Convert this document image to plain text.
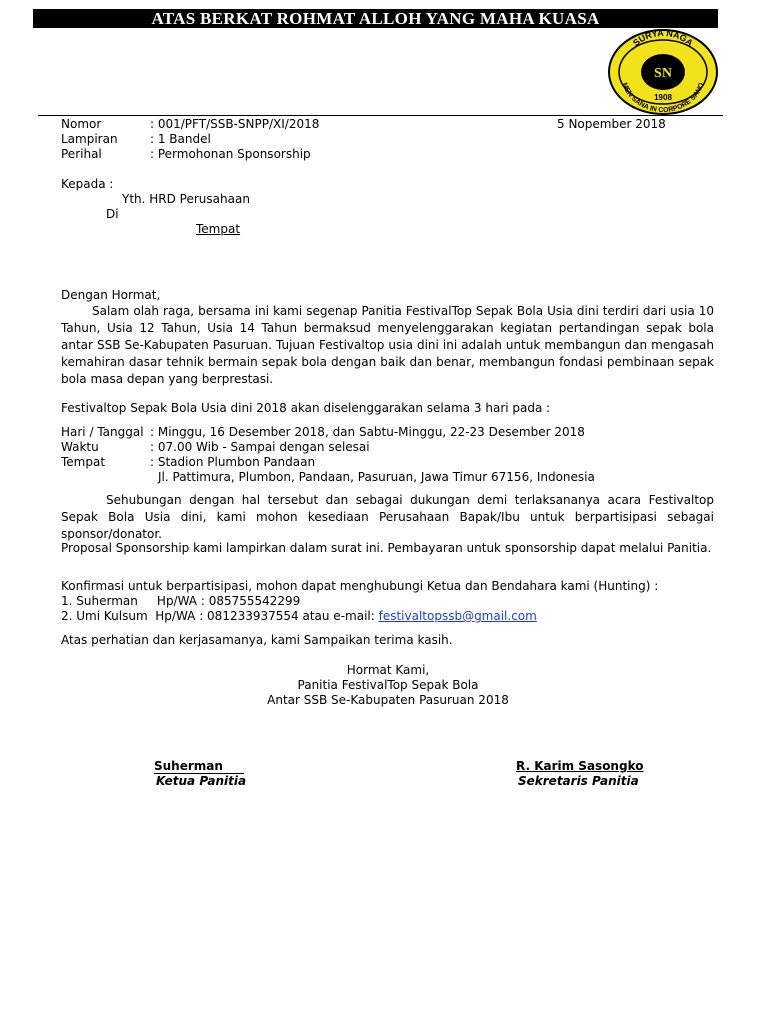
ATAS BERKAT ROHMAT ALLOH YANG MAHA KUASA
SURYA NAGA
MEN SANA IN CORPORE SANO
SN
1908
Nomor	: 001/PFT/SSB-SNPP/XI/2018	5 Nopember 2018
Lampiran	: 1 Bandel
Perihal	: Permohonan Sponsorship
Kepada :
Yth. HRD Perusahaan
Di
Tempat
Dengan Hormat,
Salam olah raga, bersama ini kami segenap Panitia FestivalTop Sepak Bola Usia dini terdiri dari usia 10 Tahun, Usia 12 Tahun, Usia 14 Tahun bermaksud menyelenggarakan kegiatan pertandingan sepak bola antar SSB Se-Kabupaten Pasuruan. Tujuan Festivaltop usia dini ini adalah untuk membangun dan mengasah kemahiran dasar tehnik bermain sepak bola dengan baik dan benar, membangun fondasi pembinaan sepak bola masa depan yang berprestasi.
Festivaltop Sepak Bola Usia dini 2018 akan diselenggarakan selama 3 hari pada :
Hari / Tanggal : Minggu, 16 Desember 2018, dan Sabtu-Minggu, 22-23 Desember 2018
Waktu	: 07.00 Wib - Sampai dengan selesai
Tempat	: Stadion Plumbon Pandaan
Jl. Pattimura, Plumbon, Pandaan, Pasuruan, Jawa Timur 67156, Indonesia
Sehubungan dengan hal tersebut dan sebagai dukungan demi terlaksananya acara Festivaltop Sepak Bola Usia dini, kami mohon kesediaan Perusahaan Bapak/Ibu untuk berpartisipasi sebagai sponsor/donator.
Proposal Sponsorship kami lampirkan dalam surat ini. Pembayaran untuk sponsorship dapat melalui Panitia.
Konfirmasi untuk berpartisipasi, mohon dapat menghubungi Ketua dan Bendahara kami (Hunting) :
1. Suherman     Hp/WA : 085755542299
2. Umi Kulsum  Hp/WA : 081233937554 atau e-mail: festivaltopssb@gmail.com
Atas perhatian dan kerjasamanya, kami Sampaikan terima kasih.
Hormat Kami,
Panitia FestivalTop Sepak Bola
Antar SSB Se-Kabupaten Pasuruan 2018
Suherman
Ketua Panitia
R. Karim Sasongko
Sekretaris Panitia
